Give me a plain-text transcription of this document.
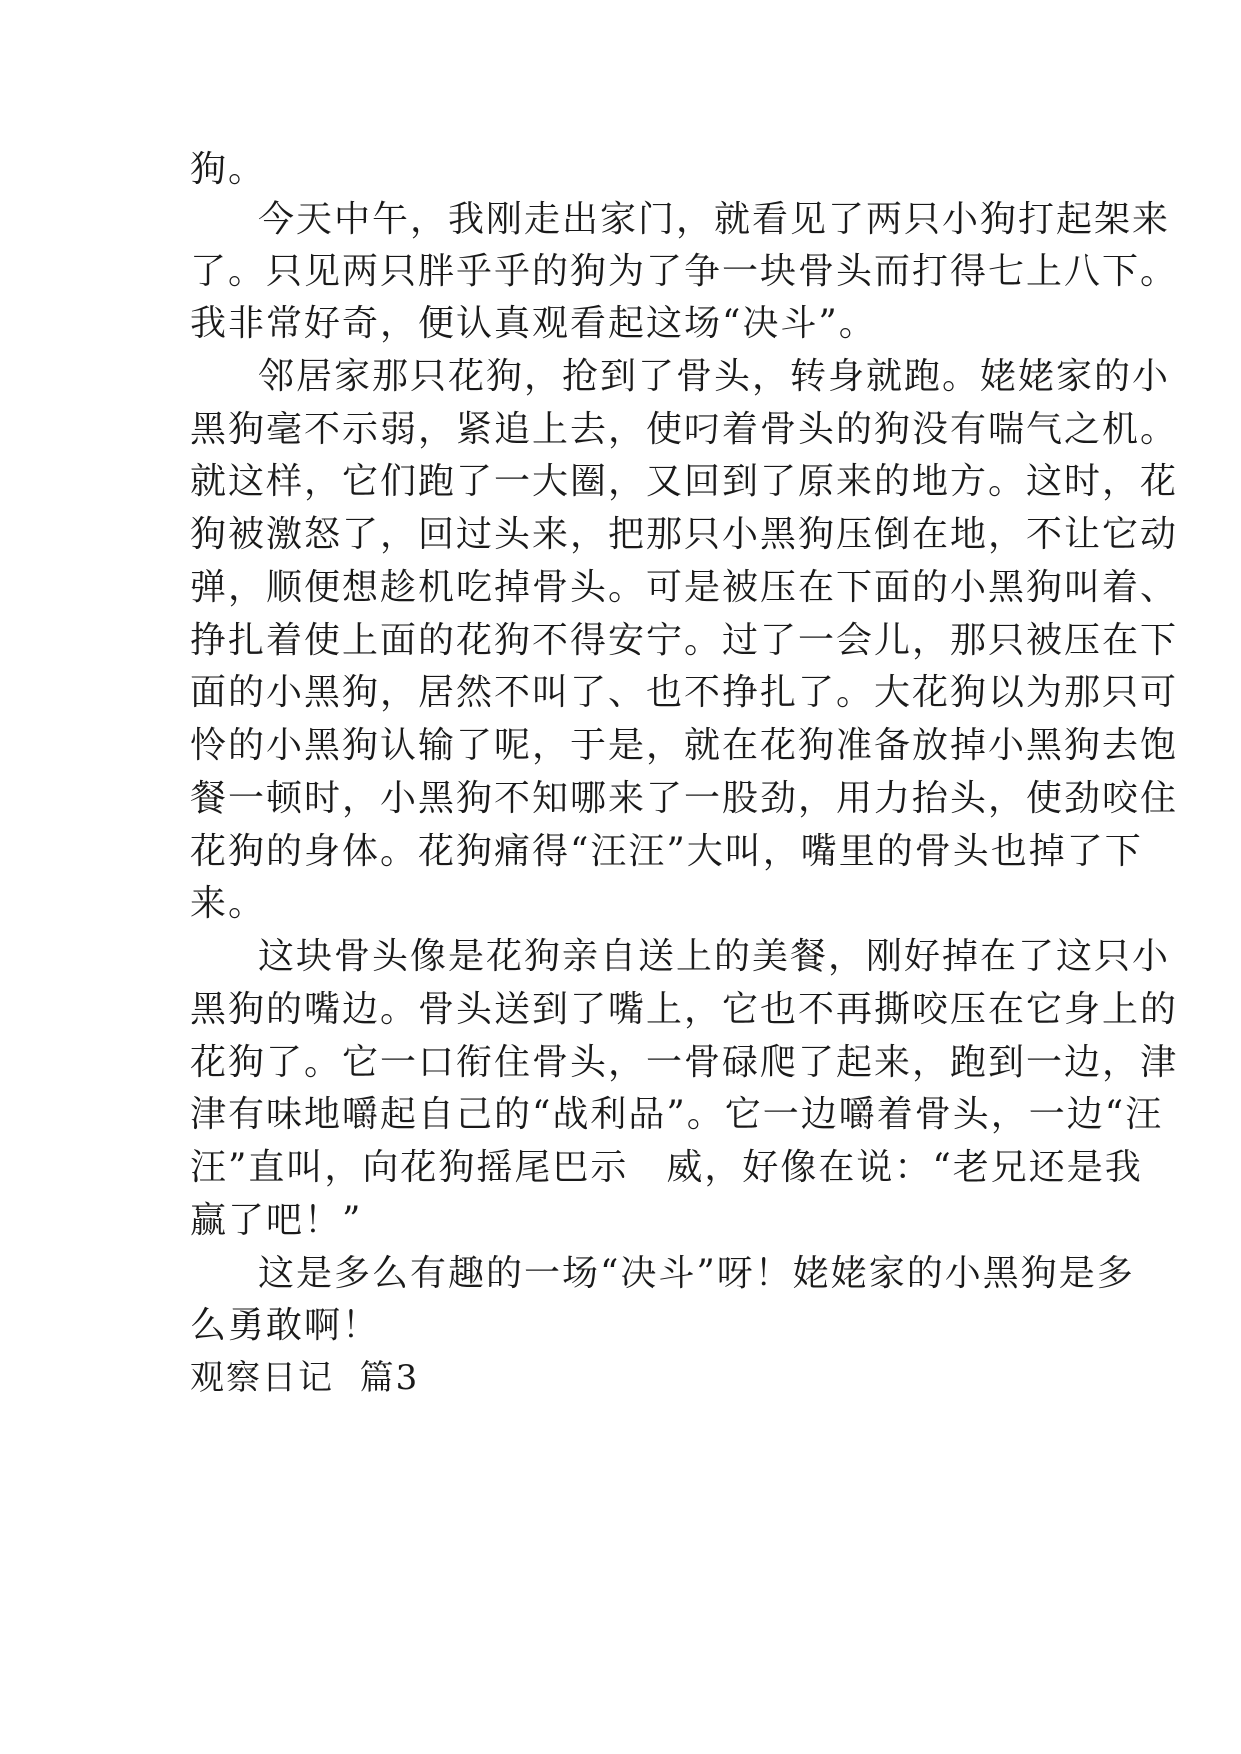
狗。
今天中午，我刚走出家门，就看见了两只小狗打起架来
了。只见两只胖乎乎的狗为了争一块骨头而打得七上八下。
我非常好奇，便认真观看起这场“决斗”。
邻居家那只花狗，抢到了骨头，转身就跑。姥姥家的小
黑狗毫不示弱，紧追上去，使叼着骨头的狗没有喘气之机。
就这样，它们跑了一大圈，又回到了原来的地方。这时，花
狗被激怒了，回过头来，把那只小黑狗压倒在地，不让它动
弹，顺便想趁机吃掉骨头。可是被压在下面的小黑狗叫着、
挣扎着使上面的花狗不得安宁。过了一会儿，那只被压在下
面的小黑狗，居然不叫了、也不挣扎了。大花狗以为那只可
怜的小黑狗认输了呢，于是，就在花狗准备放掉小黑狗去饱
餐一顿时，小黑狗不知哪来了一股劲，用力抬头，使劲咬住
花狗的身体。花狗痛得“汪汪”大叫，嘴里的骨头也掉了下
来。
这块骨头像是花狗亲自送上的美餐，刚好掉在了这只小
黑狗的嘴边。骨头送到了嘴上，它也不再撕咬压在它身上的
花狗了。它一口衔住骨头，一骨碌爬了起来，跑到一边，津
津有味地嚼起自己的“战利品”。它一边嚼着骨头，一边“汪
汪”直叫，向花狗摇尾巴示　威，好像在说：“老兄还是我
赢了吧！”
这是多么有趣的一场“决斗”呀！姥姥家的小黑狗是多
么勇敢啊！
观察日记  篇3
